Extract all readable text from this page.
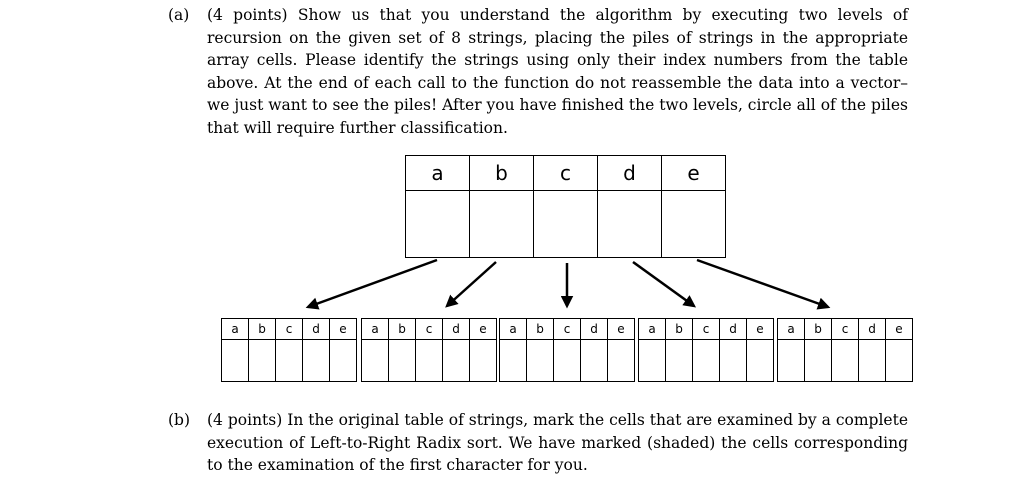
(a) (4 points) Show us that you understand the algorithm by executing two levels of recursion on the given set of 8 strings, placing the piles of strings in the appropriate array cells. Please identify the strings using only their index numbers from the table above. At the end of each call to the function do not reassemble the data into a vector–we just want to see the piles! After you have finished the two levels, circle all of the piles that will require further classification.
a	b	c	d	e

a	b	c	d	e
				a	b	c	d	e
				a	b	c	d	e
				a	b	c	d	e
				a	b	c	d	e

(b) (4 points) In the original table of strings, mark the cells that are examined by a complete execution of Left-to-Right Radix sort. We have marked (shaded) the cells corresponding to the examination of the first character for you.
